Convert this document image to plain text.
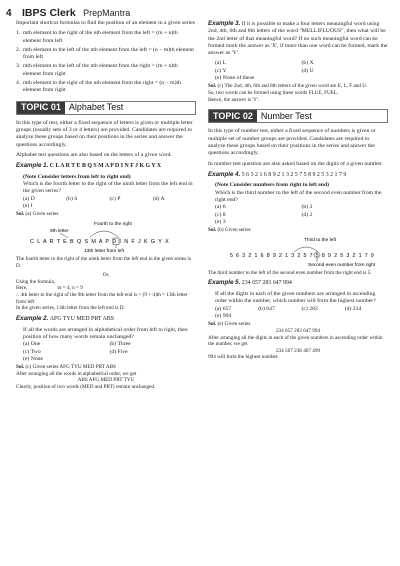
4 IBPS Clerk PrepMantra

Important shortcut formulas to find the position of an element in a given series

1. mth element to the right of the nth element from the left = (m + n)th element from left
2. mth element to the left of the nth element from the left = (n − m)th element from left
3. mth element to the left of the nth element from the right = (m + n)th element from right
4. mth element to the right of the nth element from the right = (n − m)th element from right
TOPIC 01 Alphabet Test

In this type of test, either a fixed sequence of letters is given or multiple letter groups (usually sets of 3 or 4 letters) are provided. Candidates are required to analyze these groups based on their positions in the series and answer the questions accordingly.

Alphabet test questions are also based on the letters of a given word.

Example 1. C L A R T E B Q S M A P D I N F J K G Y X

(Note Consider letters from left to right end)
Which is the fourth letter to the right of the ninth letter from the left end in the given series?
(a) D	(b) S	(c) P	(d) A
(e) I

Sol. (a) Given series

Fourth to the right
9th letter
C L A R T E B Q S M A P D I N F J K G Y X
13th letter from left

The fourth letter to the right of the ninth letter from the left end in the given series is D.

Or,

Using the formula,

Here,	m = 4, n = 9

∴ 4th letter to the right of the 9th letter from the left end is = (9 + 4)th = 13th letter from left

In the given series, 13th letter from the left end is D.

Example 2. AFG TYU MED PRT ABS

If all the words are arranged in alphabetical order from left to right, then position of how many words remain unchanged?
(a) One	(b) Three
(c) Two	(d) Five
(e) None

Sol. (c) Given series AFG TYU MED PRT ABS

After arranging all the words in alphabetical order, we get

ABS AFG MED PRT TYU

Clearly, position of two words (MED and PRT) remain unchanged.

Example 3. If it is possible to make a four letters meaningful word using 2nd, 4th, 6th and 8th letters of the word "MELLIFLUOUS", then what will be the 2nd letter of that meaningful word? If no such meaningful word can be formed mark the answer as 'X', if more than one word can be formed, mark the answer as 'Y'.

(a) L	(b) X
(c) Y	(d) U
(e) None of these

Sol. (c) The 2nd, 4th, 6th and 8th letters of the given word are E, L, F and U.

So, two words can be formed using these words FLUE, FUEL.

Hence, the answer is 'Y'.

TOPIC 02 Number Test

In this type of number test, either a fixed sequence of numbers is given or multiple set of number groups are provided. Candidates are required to analyze these groups based on their positions in the series and answer the questions accordingly.

In number test question are also asked based on the digits of a given number.

Example 4. 5 6 3 2 1 6 8 9 2 1 3 2 5 7 5 8 9 2 5 3 2 1 7 9

(Note Consider numbers from right to left end)
Which is the third number to the left of the second even number from the right end?
(a) 6	(b) 3
(c) 8	(d) 2
(e) 3

Sol. (b) Given series

Third to the left
5 6 3 2 1 6 8 9 2 1 3 2 5 7 5 8 9 2 5 3 2 1 7 9
Second even number from right

The third number to the left of the second even number from the right end is 5.

Example 5. 234 657 283 647 994

If all the digits in each of the given numbers are arranged in ascending order within the number, which number will form the highest number?
(a) 657	(b) 647	(c) 283	(d) 234
(e) 994

Sol. (e) Given series

234 657 283 647 994

After arranging all the digits in each of the given numbers in ascending order within the number, we get

234 567 238 467 499

994 will form the highest number.
